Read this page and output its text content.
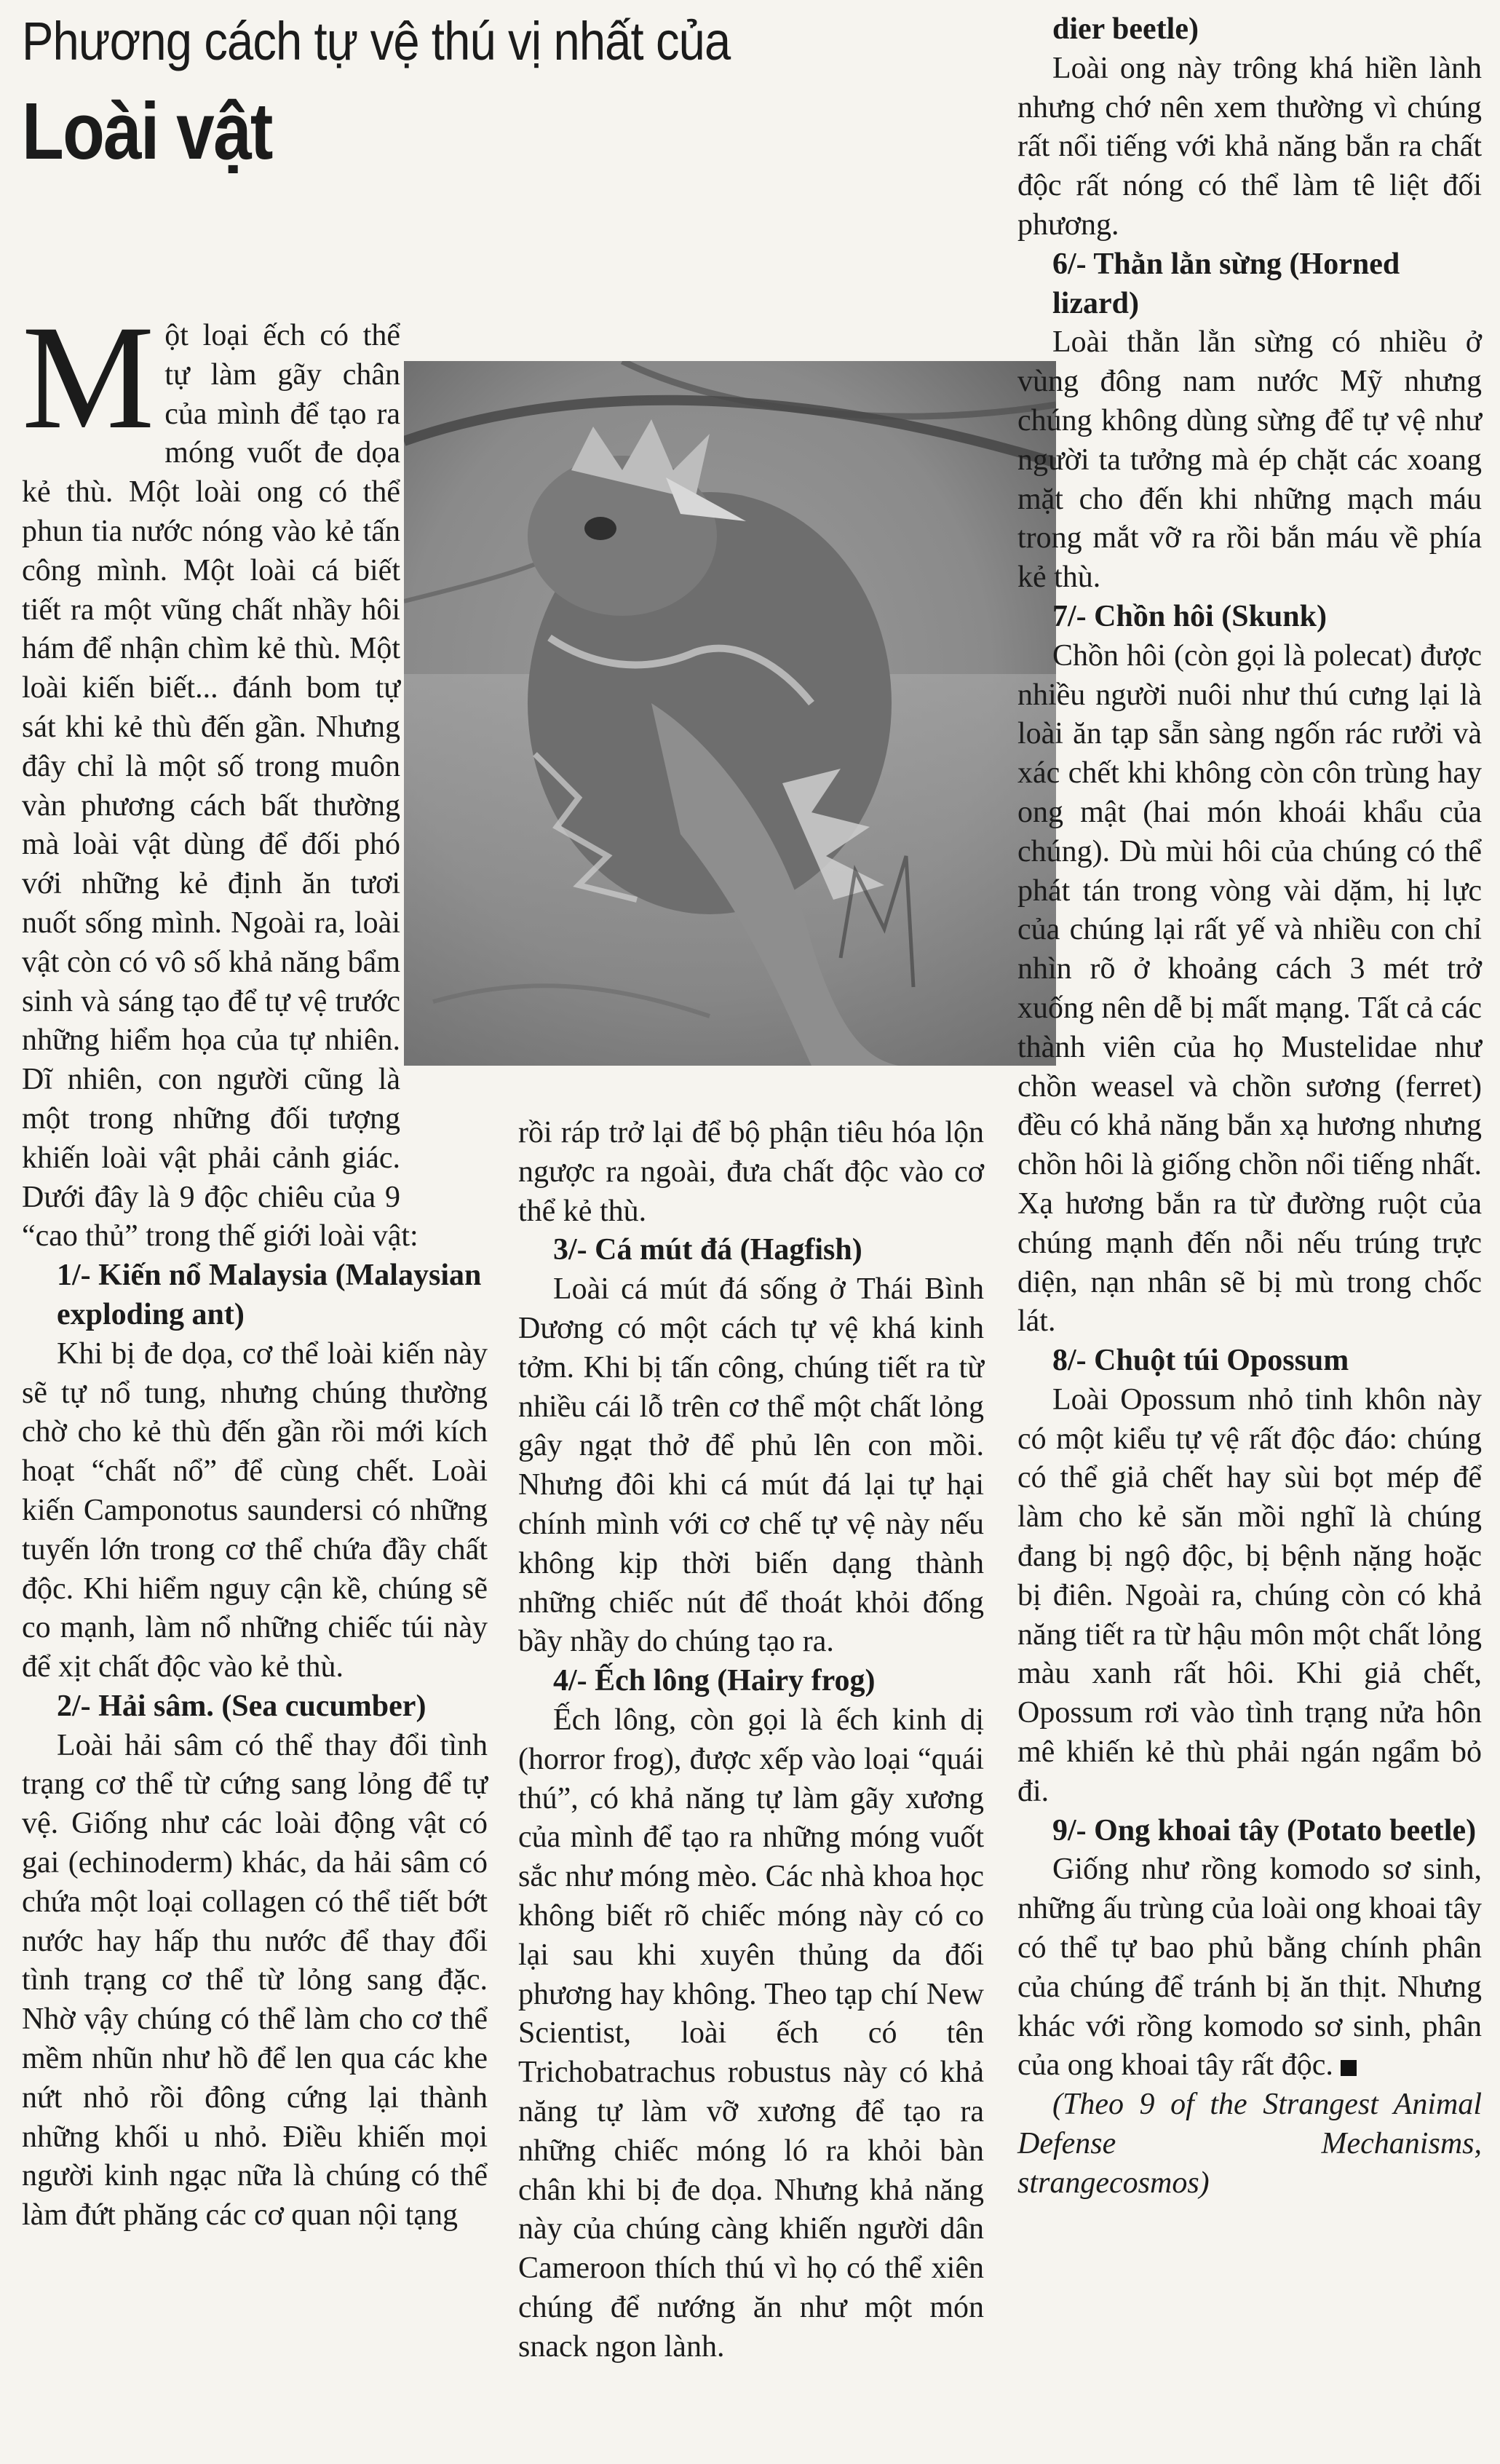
Phương cách tự vệ thú vị nhất của
Loài vật
M ột loại ếch có thể tự làm gãy chân của mình để tạo ra móng vuốt đe dọa kẻ thù. Một loài ong có thể phun tia nước nóng vào kẻ tấn công mình. Một loài cá biết tiết ra một vũng chất nhầy hôi hám để nhận chìm kẻ thù. Một loài kiến biết... đánh bom tự sát khi kẻ thù đến gần. Nhưng đây chỉ là một số trong muôn vàn phương cách bất thường mà loài vật dùng để đối phó với những kẻ định ăn tươi nuốt sống mình. Ngoài ra, loài vật còn có vô số khả năng bẩm sinh và sáng tạo để tự vệ trước những hiểm họa của tự nhiên. Dĩ nhiên, con người cũng là một trong những đối tượng khiến loài vật phải cảnh giác. Dưới đây là 9 độc chiêu của 9 “cao thủ” trong thế giới loài vật:

1/- Kiến nổ Malaysia (Malaysian exploding ant)

Khi bị đe dọa, cơ thể loài kiến này sẽ tự nổ tung, nhưng chúng thường chờ cho kẻ thù đến gần rồi mới kích hoạt “chất nổ” để cùng chết. Loài kiến Camponotus saundersi có những tuyến lớn trong cơ thể chứa đầy chất độc. Khi hiểm nguy cận kề, chúng sẽ co mạnh, làm nổ những chiếc túi này để xịt chất độc vào kẻ thù.

2/- Hải sâm. (Sea cucumber)

Loài hải sâm có thể thay đổi tình trạng cơ thể từ cứng sang lỏng để tự vệ. Giống như các loài động vật có gai (echinoderm) khác, da hải sâm có chứa một loại collagen có thể tiết bớt nước hay hấp thu nước để thay đổi tình trạng cơ thể từ lỏng sang đặc. Nhờ vậy chúng có thể làm cho cơ thể mềm nhũn như hồ để len qua các khe nứt nhỏ rồi đông cứng lại thành những khối u nhỏ. Điều khiến mọi người kinh ngạc nữa là chúng có thể làm đứt phăng các cơ quan nội tạng

rồi ráp trở lại để bộ phận tiêu hóa lộn ngược ra ngoài, đưa chất độc vào cơ thể kẻ thù.

3/- Cá mút đá (Hagfish)

Loài cá mút đá sống ở Thái Bình Dương có một cách tự vệ khá kinh tởm. Khi bị tấn công, chúng tiết ra từ nhiều cái lỗ trên cơ thể một chất lỏng gây ngạt thở để phủ lên con mồi. Nhưng đôi khi cá mút đá lại tự hại chính mình với cơ chế tự vệ này nếu không kịp thời biến dạng thành những chiếc nút để thoát khỏi đống bầy nhầy do chúng tạo ra.

4/- Ếch lông (Hairy frog)

Ếch lông, còn gọi là ếch kinh dị (horror frog), được xếp vào loại “quái thú”, có khả năng tự làm gãy xương của mình để tạo ra những móng vuốt sắc như móng mèo. Các nhà khoa học không biết rõ chiếc móng này có co lại sau khi xuyên thủng da đối phương hay không. Theo tạp chí New Scientist, loài ếch có tên Trichobatrachus robustus này có khả năng tự làm vỡ xương để tạo ra những chiếc móng ló ra khỏi bàn chân khi bị đe dọa. Nhưng khả năng này của chúng càng khiến người dân Cameroon thích thú vì họ có thể xiên chúng để nướng ăn như một món snack ngon lành.

dier beetle)

Loài ong này trông khá hiền lành nhưng chớ nên xem thường vì chúng rất nổi tiếng với khả năng bắn ra chất độc rất nóng có thể làm tê liệt đối phương.

6/- Thằn lằn sừng (Horned lizard)

Loài thằn lằn sừng có nhiều ở vùng đông nam nước Mỹ nhưng chúng không dùng sừng để tự vệ như người ta tưởng mà ép chặt các xoang mặt cho đến khi những mạch máu trong mắt vỡ ra rồi bắn máu về phía kẻ thù.

7/- Chồn hôi (Skunk)

Chồn hôi (còn gọi là polecat) được nhiều người nuôi như thú cưng lại là loài ăn tạp sẵn sàng ngốn rác rưởi và xác chết khi không còn côn trùng hay ong mật (hai món khoái khẩu của chúng). Dù mùi hôi của chúng có thể phát tán trong vòng vài dặm, hị lực của chúng lại rất yế và nhiều con chỉ nhìn rõ ở khoảng cách 3 mét trở xuống nên dễ bị mất mạng. Tất cả các thành viên của họ Mustelidae như chồn weasel và chồn sương (ferret) đều có khả năng bắn xạ hương nhưng chồn hôi là giống chồn nổi tiếng nhất. Xạ hương bắn ra từ đường ruột của chúng mạnh đến nỗi nếu trúng trực diện, nạn nhân sẽ bị mù trong chốc lát.

8/- Chuột túi Opossum

Loài Opossum nhỏ tinh khôn này có một kiểu tự vệ rất độc đáo: chúng có thể giả chết hay sùi bọt mép để làm cho kẻ săn mồi nghĩ là chúng đang bị ngộ độc, bị bệnh nặng hoặc bị điên. Ngoài ra, chúng còn có khả năng tiết ra từ hậu môn một chất lỏng màu xanh rất hôi. Khi giả chết, Opossum rơi vào tình trạng nửa hôn mê khiến kẻ thù phải ngán ngẩm bỏ đi.

9/- Ong khoai tây (Potato beetle)

Giống như rồng komodo sơ sinh, những ấu trùng của loài ong khoai tây có thể tự bao phủ bằng chính phân của chúng để tránh bị ăn thịt. Nhưng khác với rồng komodo sơ sinh, phân của ong khoai tây rất độc.

(Theo 9 of the Strangest Animal Defense Mechanisms, strangecosmos)
